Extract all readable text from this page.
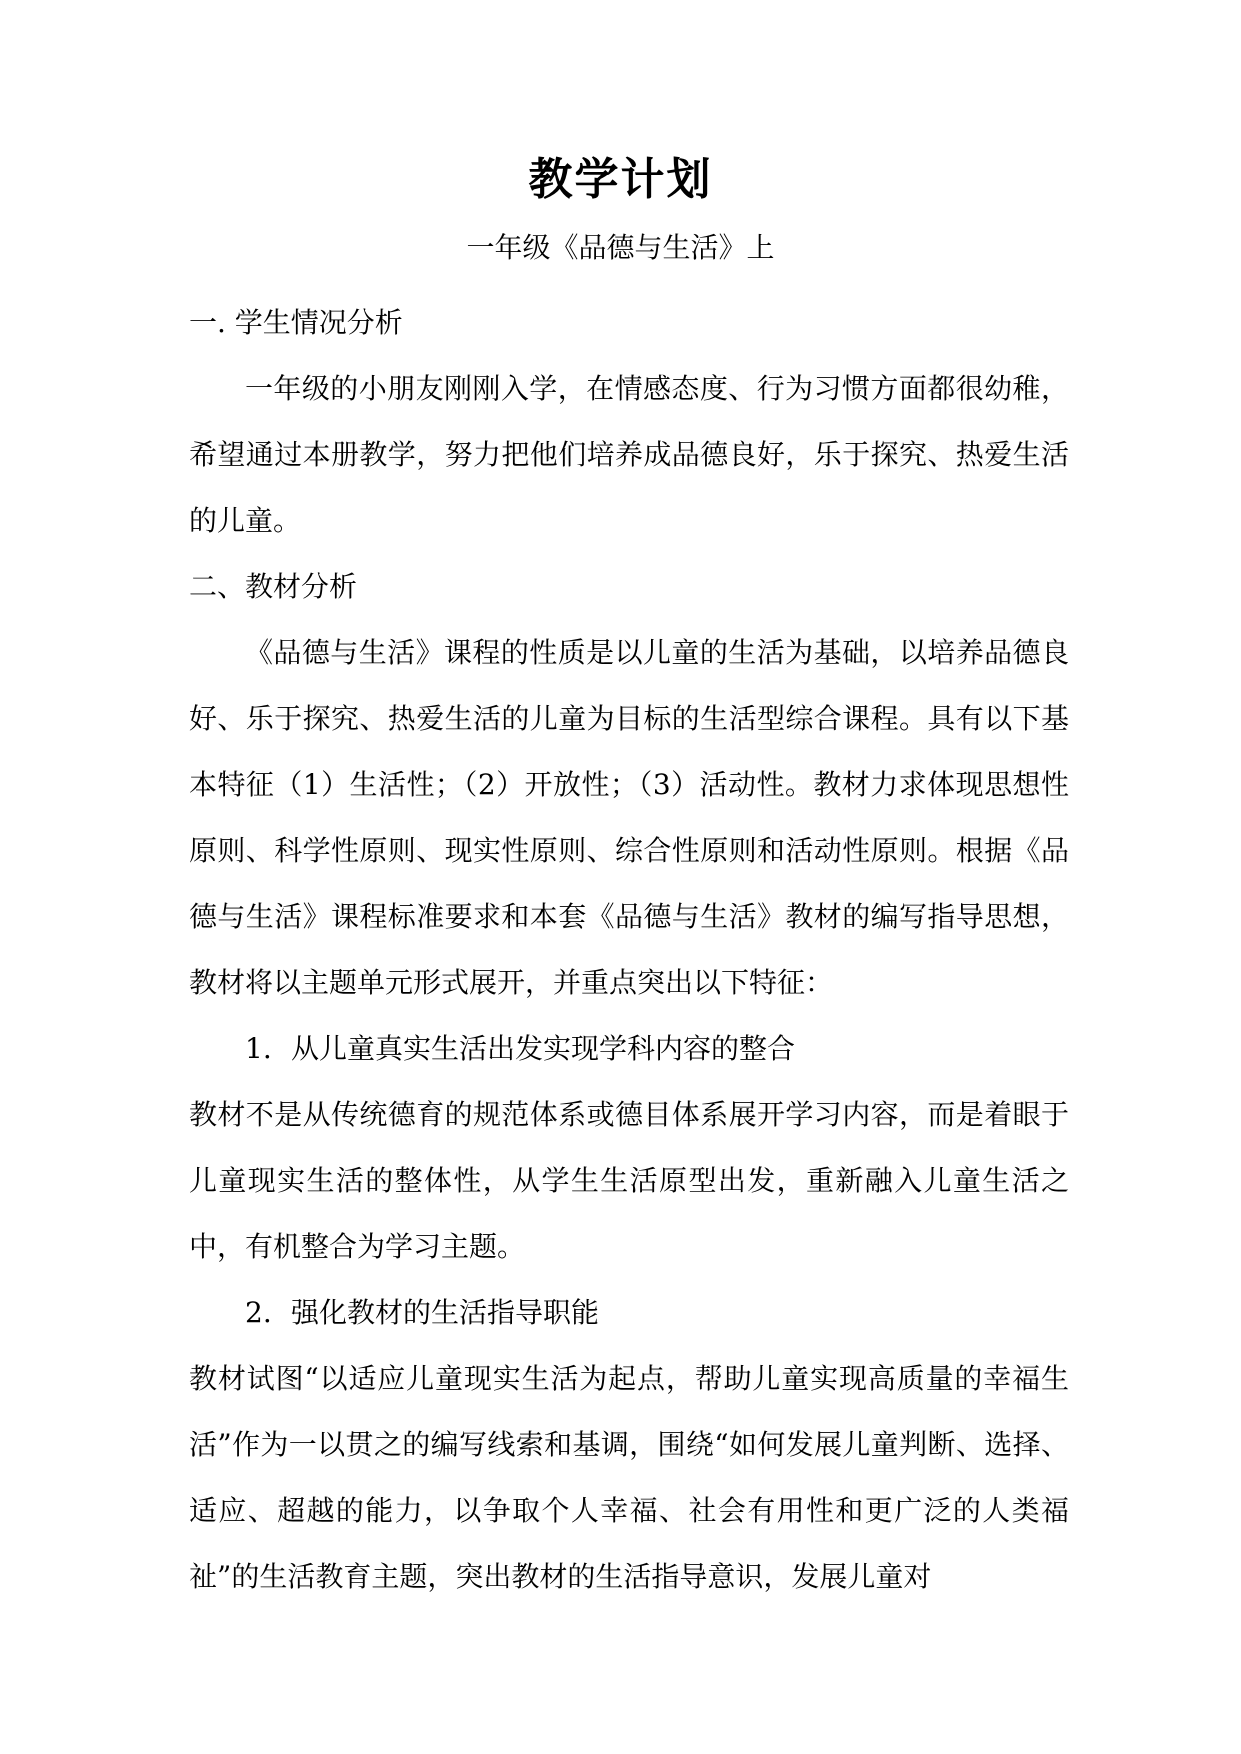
教学计划
一年级《品德与生活》上

一. 学生情况分析

一年级的小朋友刚刚入学，在情感态度、行为习惯方面都很幼稚，希望通过本册教学，努力把他们培养成品德良好，乐于探究、热爱生活的儿童。

二、教材分析

《品德与生活》课程的性质是以儿童的生活为基础，以培养品德良好、乐于探究、热爱生活的儿童为目标的生活型综合课程。具有以下基本特征（1）生活性；（2）开放性；（3）活动性。教材力求体现思想性原则、科学性原则、现实性原则、综合性原则和活动性原则。根据《品德与生活》课程标准要求和本套《品德与生活》教材的编写指导思想，教材将以主题单元形式展开，并重点突出以下特征：

1. 从儿童真实生活出发实现学科内容的整合

教材不是从传统德育的规范体系或德目体系展开学习内容，而是着眼于儿童现实生活的整体性，从学生生活原型出发，重新融入儿童生活之中，有机整合为学习主题。

2. 强化教材的生活指导职能

教材试图“以适应儿童现实生活为起点，帮助儿童实现高质量的幸福生活”作为一以贯之的编写线索和基调，围绕“如何发展儿童判断、选择、适应、超越的能力，以争取个人幸福、社会有用性和更广泛的人类福祉”的生活教育主题，突出教材的生活指导意识，发展儿童对
